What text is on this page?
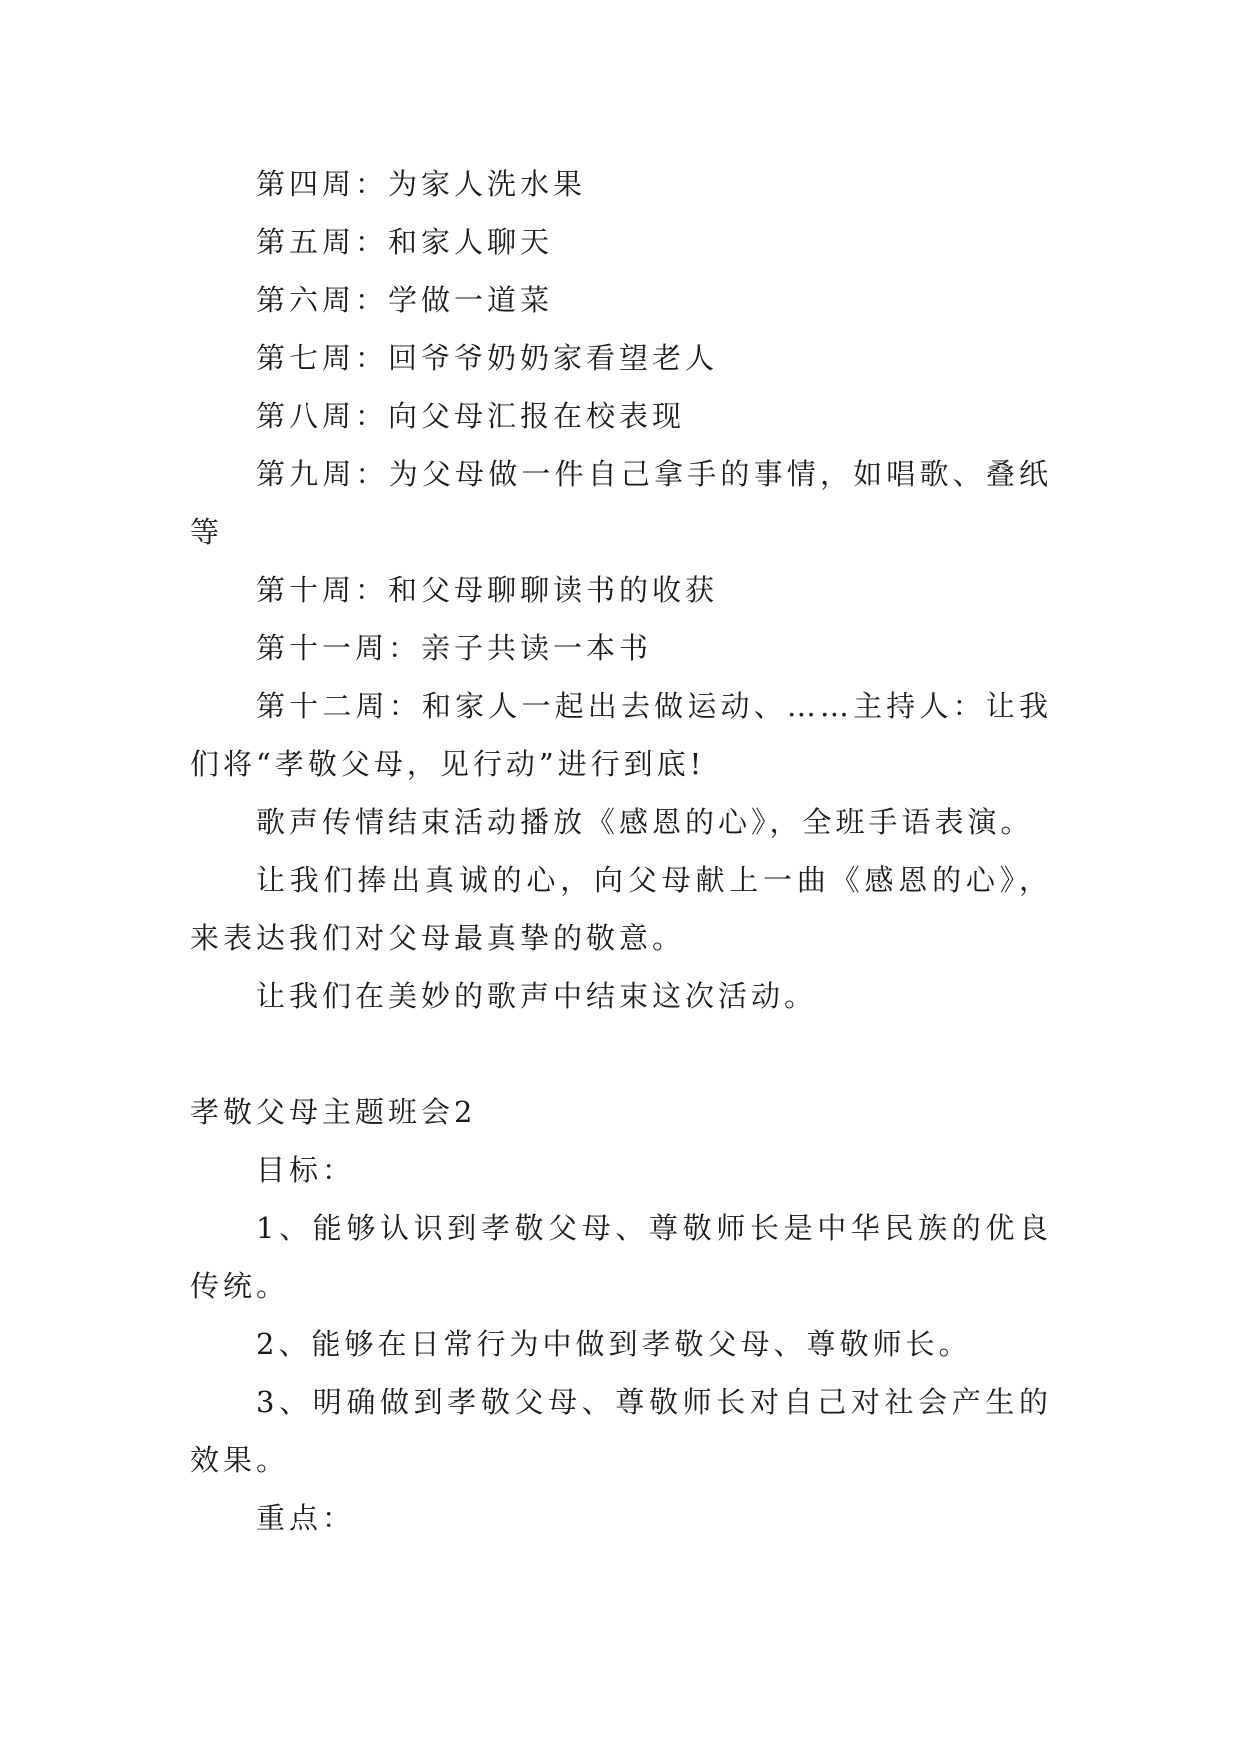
第四周：为家人洗水果

第五周：和家人聊天

第六周：学做一道菜

第七周：回爷爷奶奶家看望老人

第八周：向父母汇报在校表现

第九周：为父母做一件自己拿手的事情，如唱歌、叠纸等

第十周：和父母聊聊读书的收获

第十一周：亲子共读一本书

第十二周：和家人一起出去做运动、……主持人：让我们将“孝敬父母，见行动”进行到底!

歌声传情结束活动播放《感恩的心》，全班手语表演。

让我们捧出真诚的心，向父母献上一曲《感恩的心》，来表达我们对父母最真挚的敬意。

让我们在美妙的歌声中结束这次活动。

孝敬父母主题班会2

目标：

1、能够认识到孝敬父母、尊敬师长是中华民族的优良传统。

2、能够在日常行为中做到孝敬父母、尊敬师长。

3、明确做到孝敬父母、尊敬师长对自己对社会产生的效果。

重点：
